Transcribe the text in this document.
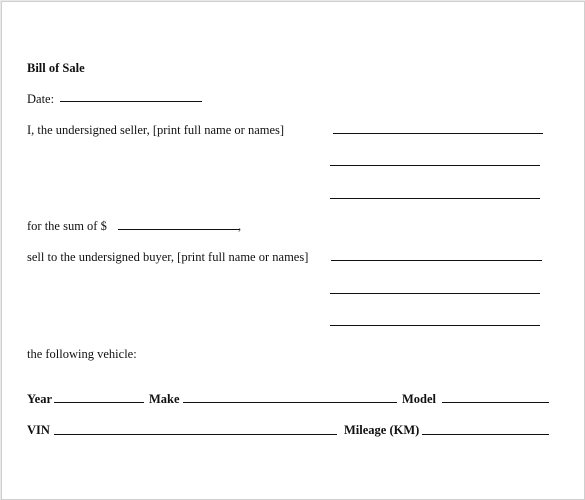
Bill of Sale
Date:
I, the undersigned seller, [print full name or names]
for the sum of $	,
sell to the undersigned buyer, [print full name or names]
the following vehicle:
Year	Make	Model
VIN	Mileage (KM)
